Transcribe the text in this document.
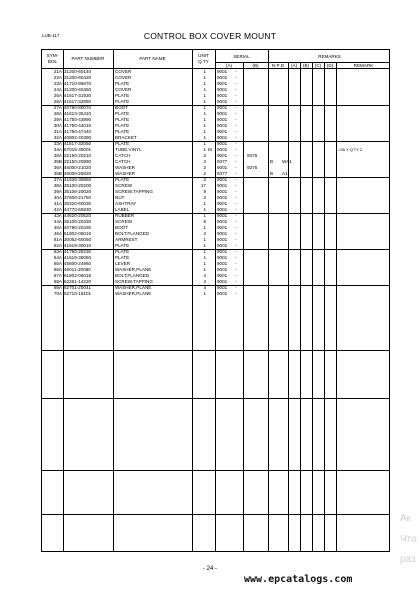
LUB-117	CONTROL BOX COVER MOUNT
SYM-
BOL
PART NUMBER	PART NAME
UNIT
Q.TY
SERIAL
(A)	(B)
REMARKS
N P D	(A)	(B)	(C)	(D)	REMARK
21A 31200-60140	COVER	1 9001 -
22A 31200-60420	COVER	1 9001 -
23A 41710-86870	PLATE	1 9001 -
24A 31200-60450	COVER	1 9001 -
25A 41617-31930	PLATE	1 9001 -
26A 41617-32850	PLATE	1 9001 -
27A 40790-80070	BOOT	1 9001 -
28A 41613-35410	PLATE	1 9001 -
29A 41750-43990	PLATE	1 9001 -
30A 41750-44010	PLATE	1 9001 -
31A 41750-47440	PLATE	1 9001 -
32A 40802-40390	BRACKET	1 9001 -
33A 41617-32050	PLATE	1 9001 -
34A 67015-30001	TUBE,VINYL	1 M 9001 -	L=35 X Q'TY 2
35A 32150-20210	CATCH	2 9001 - 9376
35B 32150-20890	CATCH	2 9377 -	B WA1
36A 46000-21020	WASHER	2 9001 - 9376
36B 46000-25820	WASHER	2 9377 -	B A1
37A 41636-36850	PLATE	2 9001 -
38A 35100-20200	SCREW	17 9001 -
39A 35106-20020	SCREW,TAPPING	8 9001 -
40A 37600-21750	NUT	2 9001 -
41A 30320-60030	ASHTRAY	1 9001 -
42A 44770-55830	LABEL	1 9001 -
43A 44620-20520	RUBBER	1 9001 -
44A 35100-20330	SCREW	5 9001 -
45A 40790-20430	BOOT	1 9001 -
46A 61802-06016	BOLT,FLANGED	2 9001 -
61A 30062-60050	ARMREST	1 9001 -
62A 41619-30010	PLATE	1 9001 -
63A 41750-28230	PLATE	1 9001 -
64A 41619-36060	PLATE	1 9001 -
65A 45600-24960	LEVER	1 9001 -
66A 46011-20080	WASHER,PLANE	1 9001 -
67A 61802-06016	BOLT,FLANGED	4 9001 -
68A 62261-14220	SCREW,TAPPING	4 9001 -
69A 62701-20041	WASHER,PLANE	4 9001 -
70A 62710-18101	WASHER,PLANE	1 9001 -
- 24 -
www.epcatalogs.com
Ак
Что
раз
